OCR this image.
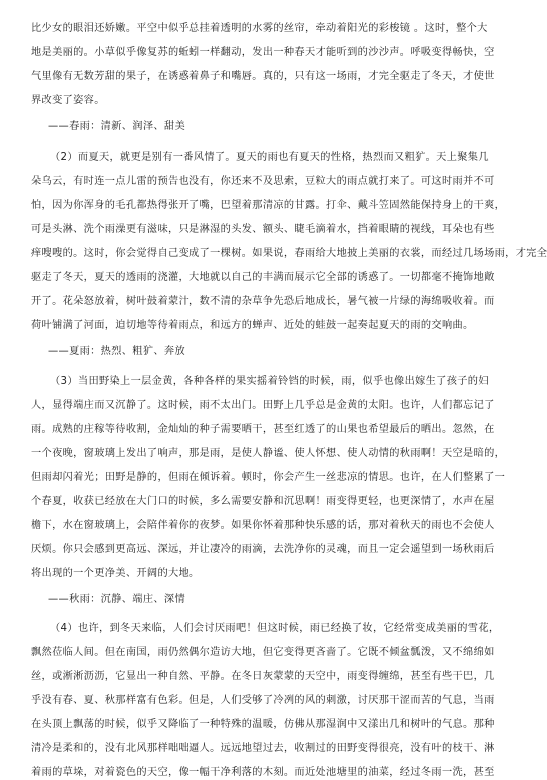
比少女的眼泪还娇嫩。平空中似乎总挂着透明的水雾的丝帘，牵动着阳光的彩梭镜 。这时，整个大
地是美丽的。小草似乎像复苏的蚯蚓一样翻动，发出一种春天才能听到的沙沙声。呼吸变得畅快，空
气里像有无数芳甜的果子，在诱惑着鼻子和嘴唇。真的，只有这一场雨，才完全驱走了冬天，才使世
界改变了姿容。
——春雨：清新、润泽、甜美
（2）而夏天，就更是别有一番风情了。夏天的雨也有夏天的性格，热烈而又粗犷。天上聚集几
朵乌云，有时连一点儿雷的预告也没有，你还来不及思索，豆粒大的雨点就打来了。可这时雨并不可
怕，因为你浑身的毛孔都热得张开了嘴，巴望着那清凉的甘露。打伞、戴斗笠固然能保持身上的干爽，
可是头淋、洗个雨澡更有滋味，只是淋湿的头发、额头、睫毛滴着水，挡着眼睛的视线，耳朵也有些
痒嗖嗖的。这时，你会觉得自己变成了一棵树。如果说，春雨给大地披上美丽的衣裳，而经过几场场雨，才完全
驱走了冬天，夏天的透雨的浇灌，大地就以自己的丰满而展示它全部的诱惑了。一切都毫不掩饰地敞
开了。花朵怒放着，树叶鼓着蒙汁，数不清的杂草争先恐后地成长，暑气被一片绿的海绵吸收着。而
荷叶铺满了河面，迫切地等待着雨点，和远方的蝉声、近处的蛙鼓一起奏起夏天的雨的交响曲。
——夏雨：热烈、粗犷、奔放
（3）当田野染上一层金黄，各种各样的果实摇着铃铛的时候，雨，似乎也像出嫁生了孩子的妇
人，显得端庄而又沉静了。这时候，雨不太出门。田野上几乎总是金黄的太阳。也许，人们都忘记了
雨。成熟的庄稼等待收割，金灿灿的种子需要晒干，甚至红透了的山果也希望最后的晒出。忽然，在
一个夜晚，窗玻璃上发出了响声，那是雨，是使人静谧、使人怀想、使人动情的秋雨啊！天空是暗的，
但雨却闪着光；田野是静的，但雨在倾诉着。顿时，你会产生一丝悲凉的情思。也许，在人们整累了一
个春夏，收获已经放在大门口的时候，多么需要安静和沉思啊！雨变得更轻，也更深情了，水声在屋
檐下，水在窗玻璃上，会陪伴着你的夜梦。如果你怀着那种快乐感的话，那对着秋天的雨也不会使人
厌烦。你只会感到更高远、深远，并让凄冷的雨滴，去洗净你的灵魂，而且一定会遥望到一场秋雨后
将出现的一个更净美、开阔的大地。
——秋雨：沉静、端庄、深情
（4）也许，到冬天来临，人们会讨厌雨吧！但这时候，雨已经换了妆，它经常变成美丽的雪花，
飘然莅临人间。但在南国，雨仍然偶尔造访大地，但它变得更吝啬了。它既不倾盆瓢泼，又不绵绵如
丝，或淅淅沥沥，它显出一种自然、平静。在冬日灰蒙蒙的天空中，雨变得缠绵，甚至有些干巴，几
乎没有春、夏、秋那样富有色彩。但是，人们受够了冷冽的风的刺激，讨厌那干涩而苦的气息，当雨
在头顶上飘荡的时候，似乎又降临了一种特殊的温暖，仿佛从那湿润中又漾出几和树叶的气息。那种
清冷是柔和的，没有北风那样咄咄逼人。远远地望过去，收割过的田野变得很亮，没有叶的枝干、淋
着雨的草垛，对着瓷色的天空，像一幅干净利落的木刻。而近处池塘里的油菜，经过冬雨一洗，甚至
